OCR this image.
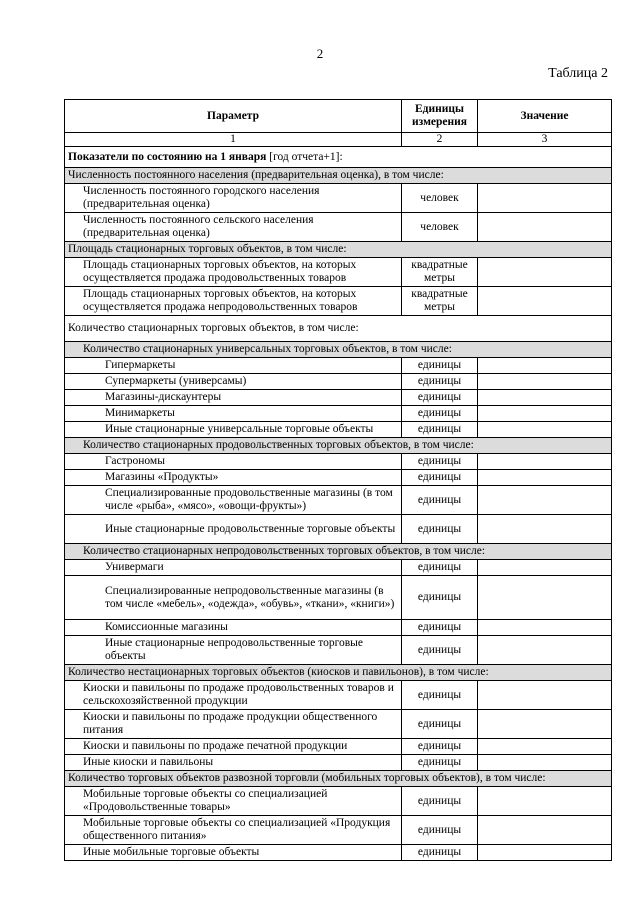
2
Таблица 2
Параметр	Единицы измерения	Значение
1	2	3
Показатели по состоянию на 1 января [год отчета+1]:		
Численность постоянного населения (предварительная оценка), в том числе:		
Численность постоянного городского населения (предварительная оценка)	человек	
Численность постоянного сельского населения (предварительная оценка)	человек	
Площадь стационарных торговых объектов, в том числе:		
Площадь стационарных торговых объектов, на которых осуществляется продажа продовольственных товаров	квадратные метры	
Площадь стационарных торговых объектов, на которых осуществляется продажа непродовольственных товаров	квадратные метры	
Количество стационарных торговых объектов, в том числе:		
Количество стационарных универсальных торговых объектов, в том числе:		
Гипермаркеты	единицы	
Супермаркеты (универсамы)	единицы	
Магазины-дискаунтеры	единицы	
Минимаркеты	единицы	
Иные стационарные универсальные торговые объекты	единицы	
Количество стационарных продовольственных торговых объектов, в том числе:		
Гастрономы	единицы	
Магазины «Продукты»	единицы	
Специализированные продовольственные магазины (в том числе «рыба», «мясо», «овощи-фрукты»)	единицы	
Иные стационарные продовольственные торговые объекты	единицы	
Количество стационарных непродовольственных торговых объектов, в том числе:		
Универмаги	единицы	
Специализированные непродовольственные магазины (в том числе «мебель», «одежда», «обувь», «ткани», «книги»)	единицы	
Комиссионные магазины	единицы	
Иные стационарные непродовольственные торговые объекты	единицы	
Количество нестационарных торговых объектов (киосков и павильонов), в том числе:		
Киоски и павильоны по продаже продовольственных товаров и сельскохозяйственной продукции	единицы	
Киоски и павильоны по продаже продукции общественного питания	единицы	
Киоски и павильоны по продаже печатной продукции	единицы	
Иные киоски и павильоны	единицы	
Количество торговых объектов развозной торговли (мобильных торговых объектов), в том числе:		
Мобильные торговые объекты со специализацией «Продовольственные товары»	единицы	
Мобильные торговые объекты со специализацией «Продукция общественного питания»	единицы	
Иные мобильные торговые объекты	единицы	
